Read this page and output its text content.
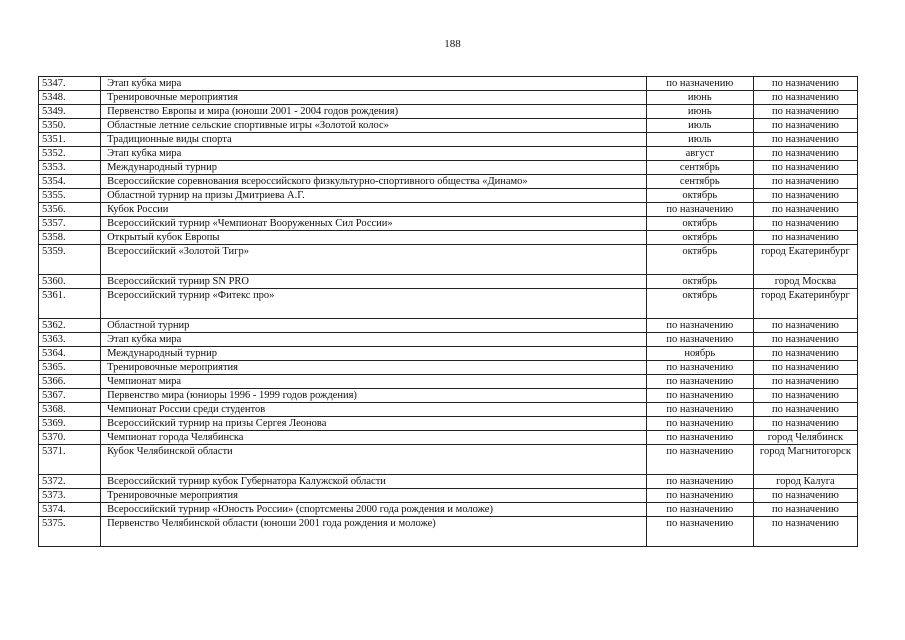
188
5347.	Этап кубка мира	по назначению	по назначению
5348.	Тренировочные мероприятия	июнь	по назначению
5349.	Первенство Европы и мира (юноши 2001 - 2004 годов рождения)	июнь	по назначению
5350.	Областные летние сельские спортивные игры «Золотой колос»	июль	по назначению
5351.	Традиционные виды спорта	июль	по назначению
5352.	Этап кубка мира	август	по назначению
5353.	Международный турнир	сентябрь	по назначению
5354.	Всероссийские соревнования всероссийского физкультурно-спортивного общества «Динамо»	сентябрь	по назначению
5355.	Областной турнир на призы Дмитриева А.Г.	октябрь	по назначению
5356.	Кубок России	по назначению	по назначению
5357.	Всероссийский турнир «Чемпионат Вооруженных Сил России»	октябрь	по назначению
5358.	Открытый кубок Европы	октябрь	по назначению
5359.	Всероссийский «Золотой Тигр»	октябрь	город Екатеринбург
5360.	Всероссийский турнир SN PRO	октябрь	город Москва
5361.	Всероссийский турнир «Фитекс про»	октябрь	город Екатеринбург
5362.	Областной турнир	по назначению	по назначению
5363.	Этап кубка мира	по назначению	по назначению
5364.	Международный турнир	ноябрь	по назначению
5365.	Тренировочные мероприятия	по назначению	по назначению
5366.	Чемпионат мира	по назначению	по назначению
5367.	Первенство мира (юниоры 1996 - 1999 годов рождения)	по назначению	по назначению
5368.	Чемпионат России среди студентов	по назначению	по назначению
5369.	Всероссийский турнир на призы Сергея Леонова	по назначению	по назначению
5370.	Чемпионат города Челябинска	по назначению	город Челябинск
5371.	Кубок Челябинской области	по назначению	город Магнитогорск
5372.	Всероссийский турнир кубок Губернатора Калужской области	по назначению	город Калуга
5373.	Тренировочные мероприятия	по назначению	по назначению
5374.	Всероссийский турнир «Юность России» (спортсмены 2000 года рождения и моложе)	по назначению	по назначению
5375.	Первенство Челябинской области (юноши 2001 года рождения и моложе)	по назначению	по назначению
